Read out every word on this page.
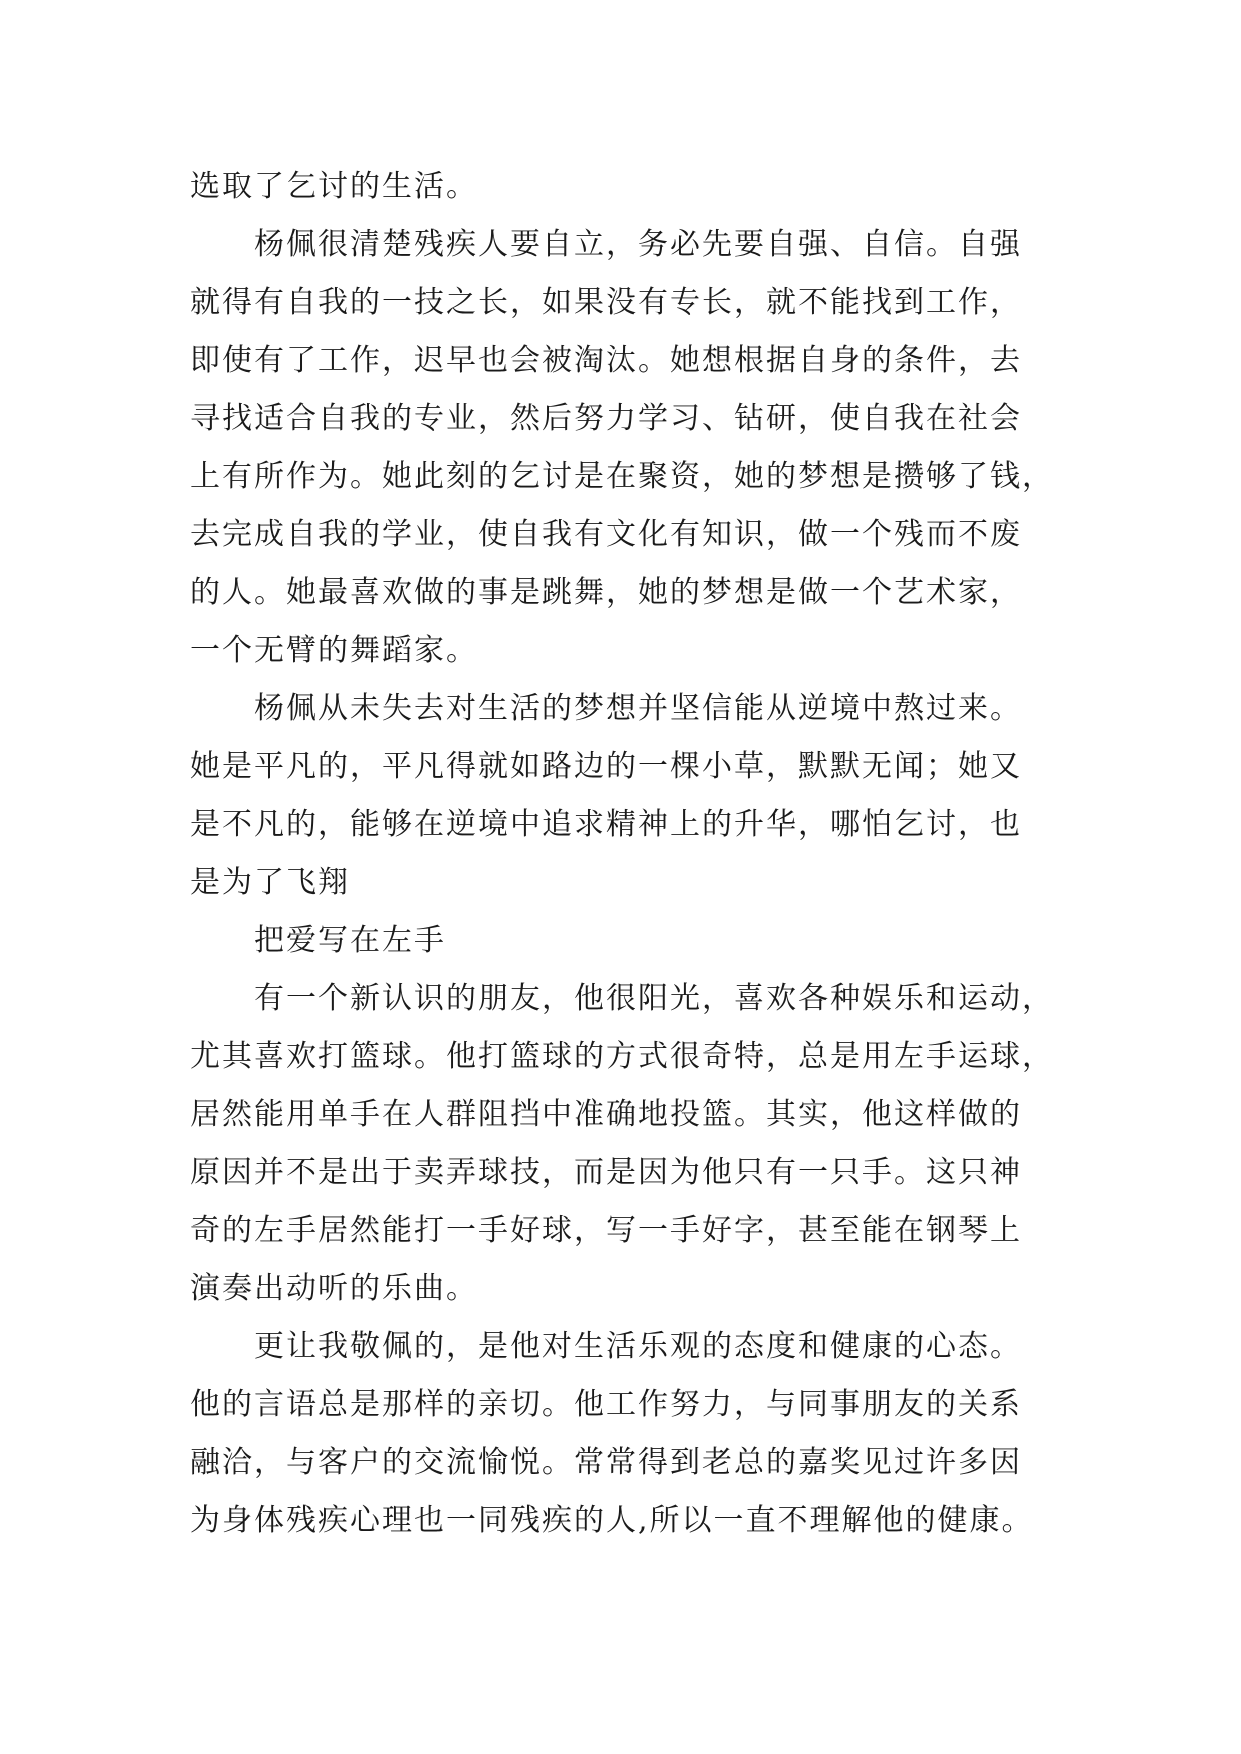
选取了乞讨的生活。

　　杨佩很清楚残疾人要自立，务必先要自强、自信。自强
就得有自我的一技之长，如果没有专长，就不能找到工作，
即使有了工作，迟早也会被淘汰。她想根据自身的条件，去
寻找适合自我的专业，然后努力学习、钻研，使自我在社会
上有所作为。她此刻的乞讨是在聚资，她的梦想是攒够了钱，
去完成自我的学业，使自我有文化有知识，做一个残而不废
的人。她最喜欢做的事是跳舞，她的梦想是做一个艺术家，
一个无臂的舞蹈家。

　　杨佩从未失去对生活的梦想并坚信能从逆境中熬过来。
她是平凡的，平凡得就如路边的一棵小草，默默无闻；她又
是不凡的，能够在逆境中追求精神上的升华，哪怕乞讨，也
是为了飞翔

　　把爱写在左手

　　有一个新认识的朋友，他很阳光，喜欢各种娱乐和运动，
尤其喜欢打篮球。他打篮球的方式很奇特，总是用左手运球，
居然能用单手在人群阻挡中准确地投篮。其实，他这样做的
原因并不是出于卖弄球技，而是因为他只有一只手。这只神
奇的左手居然能打一手好球，写一手好字，甚至能在钢琴上
演奏出动听的乐曲。

　　更让我敬佩的，是他对生活乐观的态度和健康的心态。
他的言语总是那样的亲切。他工作努力，与同事朋友的关系
融洽，与客户的交流愉悦。常常得到老总的嘉奖见过许多因
为身体残疾心理也一同残疾的人,所以一直不理解他的健康。
